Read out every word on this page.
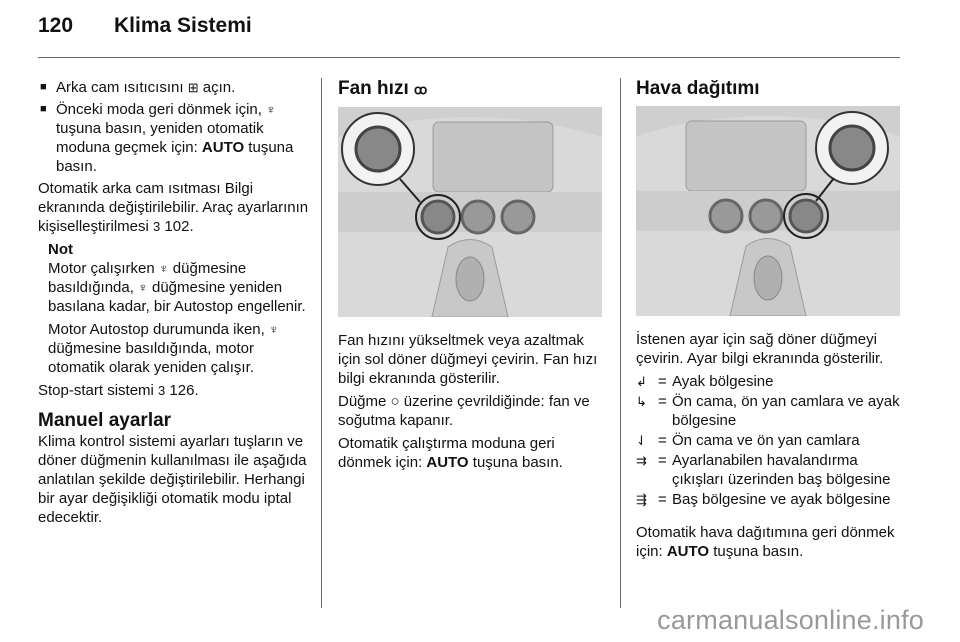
120 Klima Sistemi
■ Arka cam ısıtıcısını ⊞ açın.
■ Önceki moda geri dönmek için, ♆ tuşuna basın, yeniden otomatik moduna geçmek için: AUTO tuşuna basın.

Otomatik arka cam ısıtması Bilgi ekranında değiştirilebilir. Araç ayarlarının kişiselleştirilmesi 3 102.

Not

Motor çalışırken ♆ düğmesine basıldığında, ♆ düğmesine yeniden basılana kadar, bir Autostop engellenir.

Motor Autostop durumunda iken, ♆ düğmesine basıldığında, motor otomatik olarak yeniden çalışır.

Stop-start sistemi 3 126.

Manuel ayarlar

Klima kontrol sistemi ayarları tuşların ve döner düğmenin kullanılması ile aşağıda anlatılan şekilde değiştirilebilir. Herhangi bir ayar değişikliği otomatik modu iptal edecektir.

Fan hızı ꝏ

Fan hızını yükseltmek veya azaltmak için sol döner düğmeyi çevirin. Fan hızı bilgi ekranında gösterilir.

Düğme ○ üzerine çevrildiğinde: fan ve soğutma kapanır.

Otomatik çalıştırma moduna geri dönmek için: AUTO tuşuna basın.

Hava dağıtımı

İstenen ayar için sağ döner düğmeyi çevirin. Ayar bilgi ekranında gösterilir.

↲ = Ayak bölgesine
↳ = Ön cama, ön yan camlara ve ayak bölgesine
⇃ = Ön cama ve ön yan camlara
⇉ = Ayarlanabilen havalandırma çıkışları üzerinden baş bölgesine
⇶ = Baş bölgesine ve ayak bölgesine

Otomatik hava dağıtımına geri dönmek için: AUTO tuşuna basın.

carmanualsonline.info
